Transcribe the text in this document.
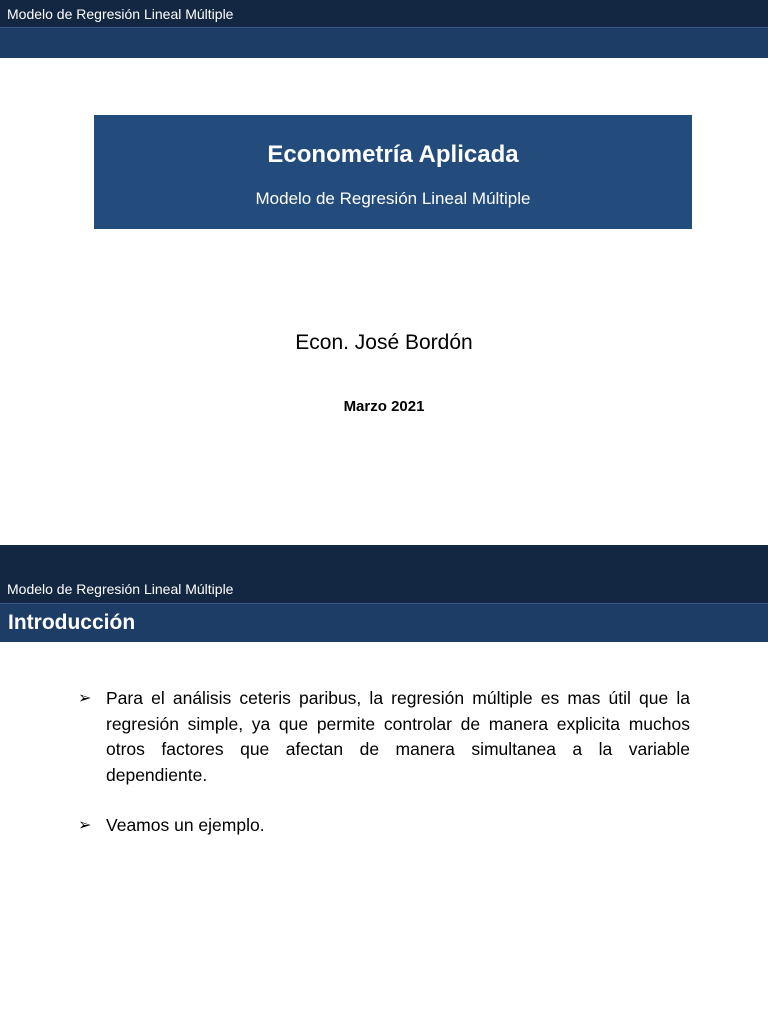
Modelo de Regresión Lineal Múltiple
Econometría Aplicada
Modelo de Regresión Lineal Múltiple
Econ. José Bordón
Marzo 2021
Modelo de Regresión Lineal Múltiple
Introducción
➢ Para el análisis ceteris paribus, la regresión múltiple es mas útil que la regresión simple, ya que permite controlar de manera explicita muchos otros factores que afectan de manera simultanea a la variable dependiente.
➢ Veamos un ejemplo.
